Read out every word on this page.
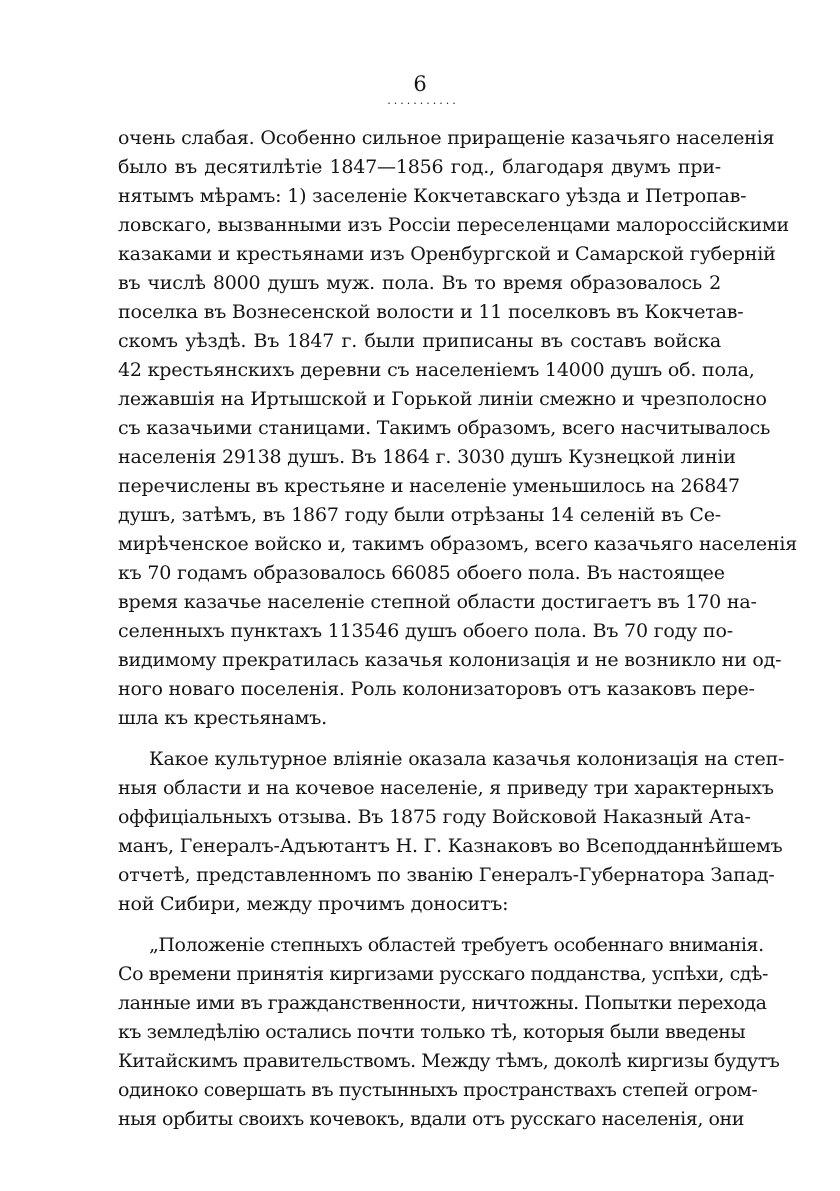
6
...........
очень слабая. Особенно сильное приращеніе казачьяго населенія
было въ десятилѣтіе 1847—1856 год., благодаря двумъ при-
нятымъ мѣрамъ: 1) заселеніе Кокчетавскаго уѣзда и Петропав-
ловскаго, вызванными изъ Россіи переселенцами малороссійскими
казаками и крестьянами изъ Оренбургской и Самарской губерній
въ числѣ 8000 душъ муж. пола. Въ то время образовалось 2
поселка въ Вознесенской волости и 11 поселковъ въ Кокчетав-
скомъ уѣздѣ. Въ 1847 г. были приписаны въ составъ войска
42 крестьянскихъ деревни съ населеніемъ 14000 душъ об. пола,
лежавшія на Иртышской и Горькой линіи смежно и чрезполосно
съ казачьими станицами. Такимъ образомъ, всего насчитывалось
населенія 29138 душъ. Въ 1864 г. 3030 душъ Кузнецкой линіи
перечислены въ крестьяне и населеніе уменьшилось на 26847
душъ, затѣмъ, въ 1867 году были отрѣзаны 14 селеній въ Се-
мирѣченское войско и, такимъ образомъ, всего казачьяго населенія
къ 70 годамъ образовалось 66085 обоего пола. Въ настоящее
время казачье населеніе степной области достигаетъ въ 170 на-
селенныхъ пунктахъ 113546 душъ обоего пола. Въ 70 году по-
видимому прекратилась казачья колонизація и не возникло ни од-
ного новаго поселенія. Роль колонизаторовъ отъ казаковъ пере-
шла къ крестьянамъ.
Какое культурное вліяніе оказала казачья колонизація на степ-
ныя области и на кочевое населеніе, я приведу три характерныхъ
оффиціальныхъ отзыва. Въ 1875 году Войсковой Наказный Ата-
манъ, Генералъ-Адъютантъ Н. Г. Казнаковъ во Всеподданнѣйшемъ
отчетѣ, представленномъ по званію Генералъ-Губернатора Запад-
ной Сибири, между прочимъ доноситъ:
„Положеніе степныхъ областей требуетъ особеннаго вниманія.
Со времени принятія киргизами русскаго подданства, успѣхи, сдѣ-
ланные ими въ гражданственности, ничтожны. Попытки перехода
къ земледѣлію остались почти только тѣ, которыя были введены
Китайскимъ правительствомъ. Между тѣмъ, доколѣ киргизы будутъ
одиноко совершать въ пустынныхъ пространствахъ степей огром-
ныя орбиты своихъ кочевокъ, вдали отъ русскаго населенія, они
